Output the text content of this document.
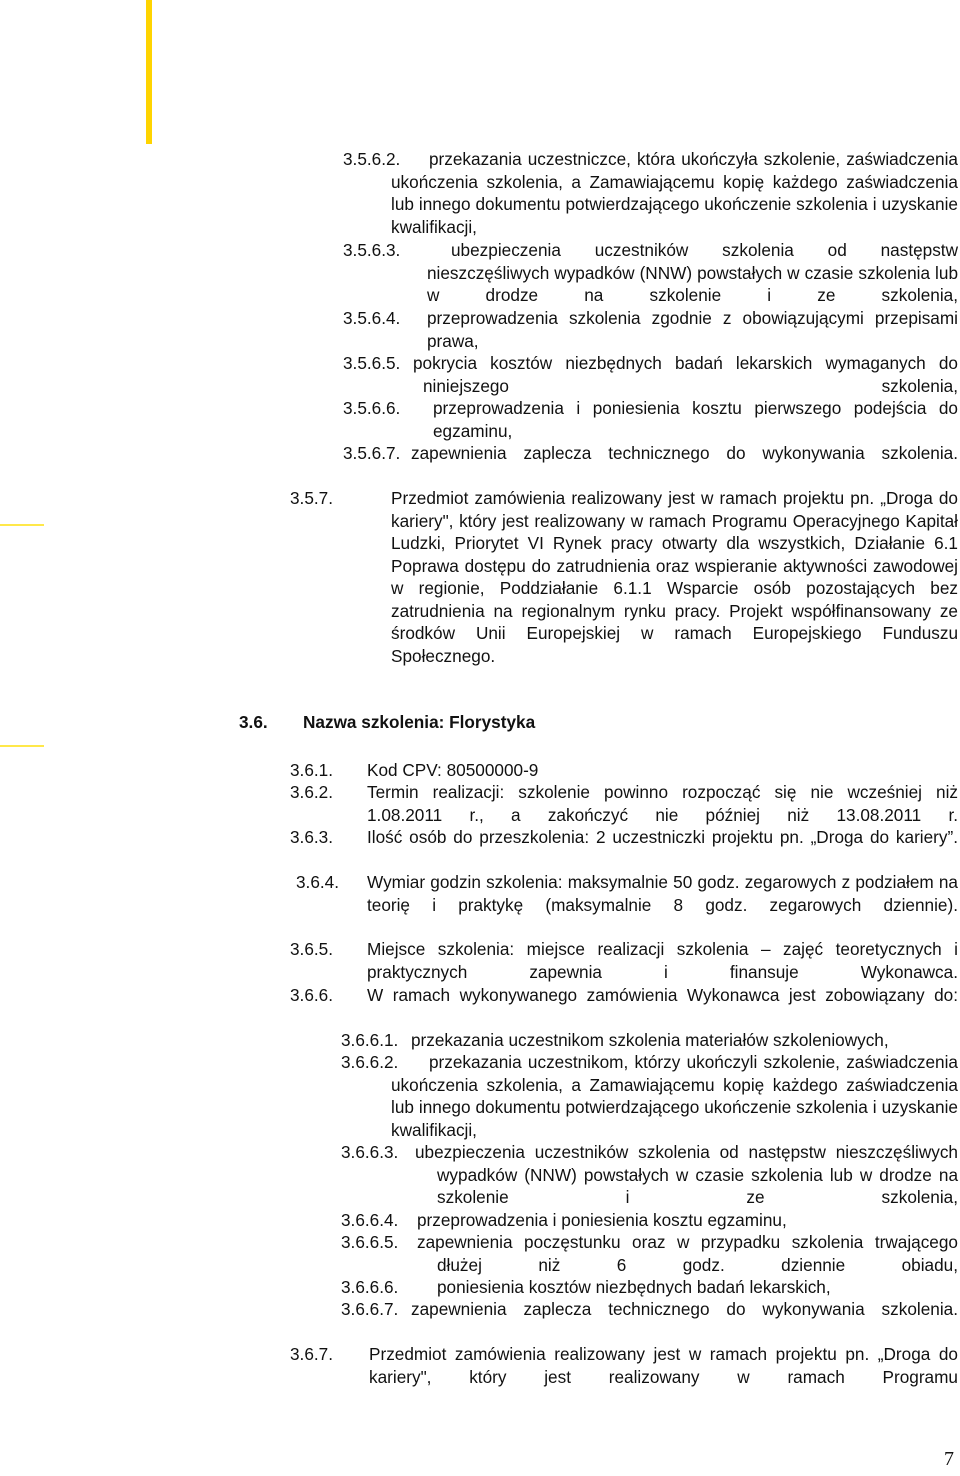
3.5.6.2.	przekazania uczestniczce, która ukończyła szkolenie, zaświadczenia ukończenia szkolenia, a Zamawiającemu kopię każdego zaświadczenia lub innego dokumentu potwierdzającego ukończenie szkolenia i uzyskanie kwalifikacji,
3.5.6.3.	ubezpieczenia uczestników szkolenia od następstw nieszczęśliwych wypadków (NNW) powstałych w czasie szkolenia lub w drodze na szkolenie i ze szkolenia,
3.5.6.4. przeprowadzenia szkolenia zgodnie z obowiązującymi przepisami prawa,
3.5.6.5. pokrycia kosztów niezbędnych badań lekarskich wymaganych do niniejszego szkolenia,
3.5.6.6. przeprowadzenia i poniesienia kosztu pierwszego podejścia do egzaminu,
3.5.6.7. zapewnienia zaplecza technicznego do wykonywania szkolenia.
3.5.7.	Przedmiot zamówienia realizowany jest w ramach projektu pn. „Droga do kariery", który jest realizowany w ramach Programu Operacyjnego Kapitał Ludzki, Priorytet VI Rynek pracy otwarty dla wszystkich, Działanie 6.1 Poprawa dostępu do zatrudnienia oraz wspieranie aktywności zawodowej w regionie, Poddziałanie 6.1.1 Wsparcie osób pozostających bez zatrudnienia na regionalnym rynku pracy. Projekt współfinansowany ze środków Unii Europejskiej w ramach Europejskiego Funduszu Społecznego.
3.6. Nazwa szkolenia: Florystyka
3.6.1. Kod CPV: 80500000-9
3.6.2. Termin realizacji: szkolenie powinno rozpocząć się nie wcześniej niż 1.08.2011 r., a zakończyć nie później niż 13.08.2011 r.
3.6.3. Ilość osób do przeszkolenia: 2 uczestniczki projektu pn. „Droga do kariery”.
3.6.4. Wymiar godzin szkolenia: maksymalnie 50 godz. zegarowych z podziałem na teorię i praktykę (maksymalnie 8 godz. zegarowych dziennie).
3.6.5. Miejsce szkolenia: miejsce realizacji szkolenia – zajęć teoretycznych i praktycznych zapewnia i finansuje Wykonawca.
3.6.6. W ramach wykonywanego zamówienia Wykonawca jest zobowiązany do:
3.6.6.1. przekazania uczestnikom szkolenia materiałów szkoleniowych,
3.6.6.2.	przekazania uczestnikom, którzy ukończyli szkolenie, zaświadczenia ukończenia szkolenia, a Zamawiającemu kopię każdego zaświadczenia lub innego dokumentu potwierdzającego ukończenie szkolenia i uzyskanie kwalifikacji,
3.6.6.3. ubezpieczenia uczestników szkolenia od następstw nieszczęśliwych wypadków (NNW) powstałych w czasie szkolenia lub w drodze na szkolenie i ze szkolenia,
3.6.6.4. przeprowadzenia i poniesienia kosztu egzaminu,
3.6.6.5. zapewnienia poczęstunku oraz w przypadku szkolenia trwającego dłużej niż 6 godz. dziennie obiadu,
3.6.6.6. poniesienia kosztów niezbędnych badań lekarskich,
3.6.6.7. zapewnienia zaplecza technicznego do wykonywania szkolenia.
3.6.7. Przedmiot zamówienia realizowany jest w ramach projektu pn. „Droga do kariery", który jest realizowany w ramach Programu
7
